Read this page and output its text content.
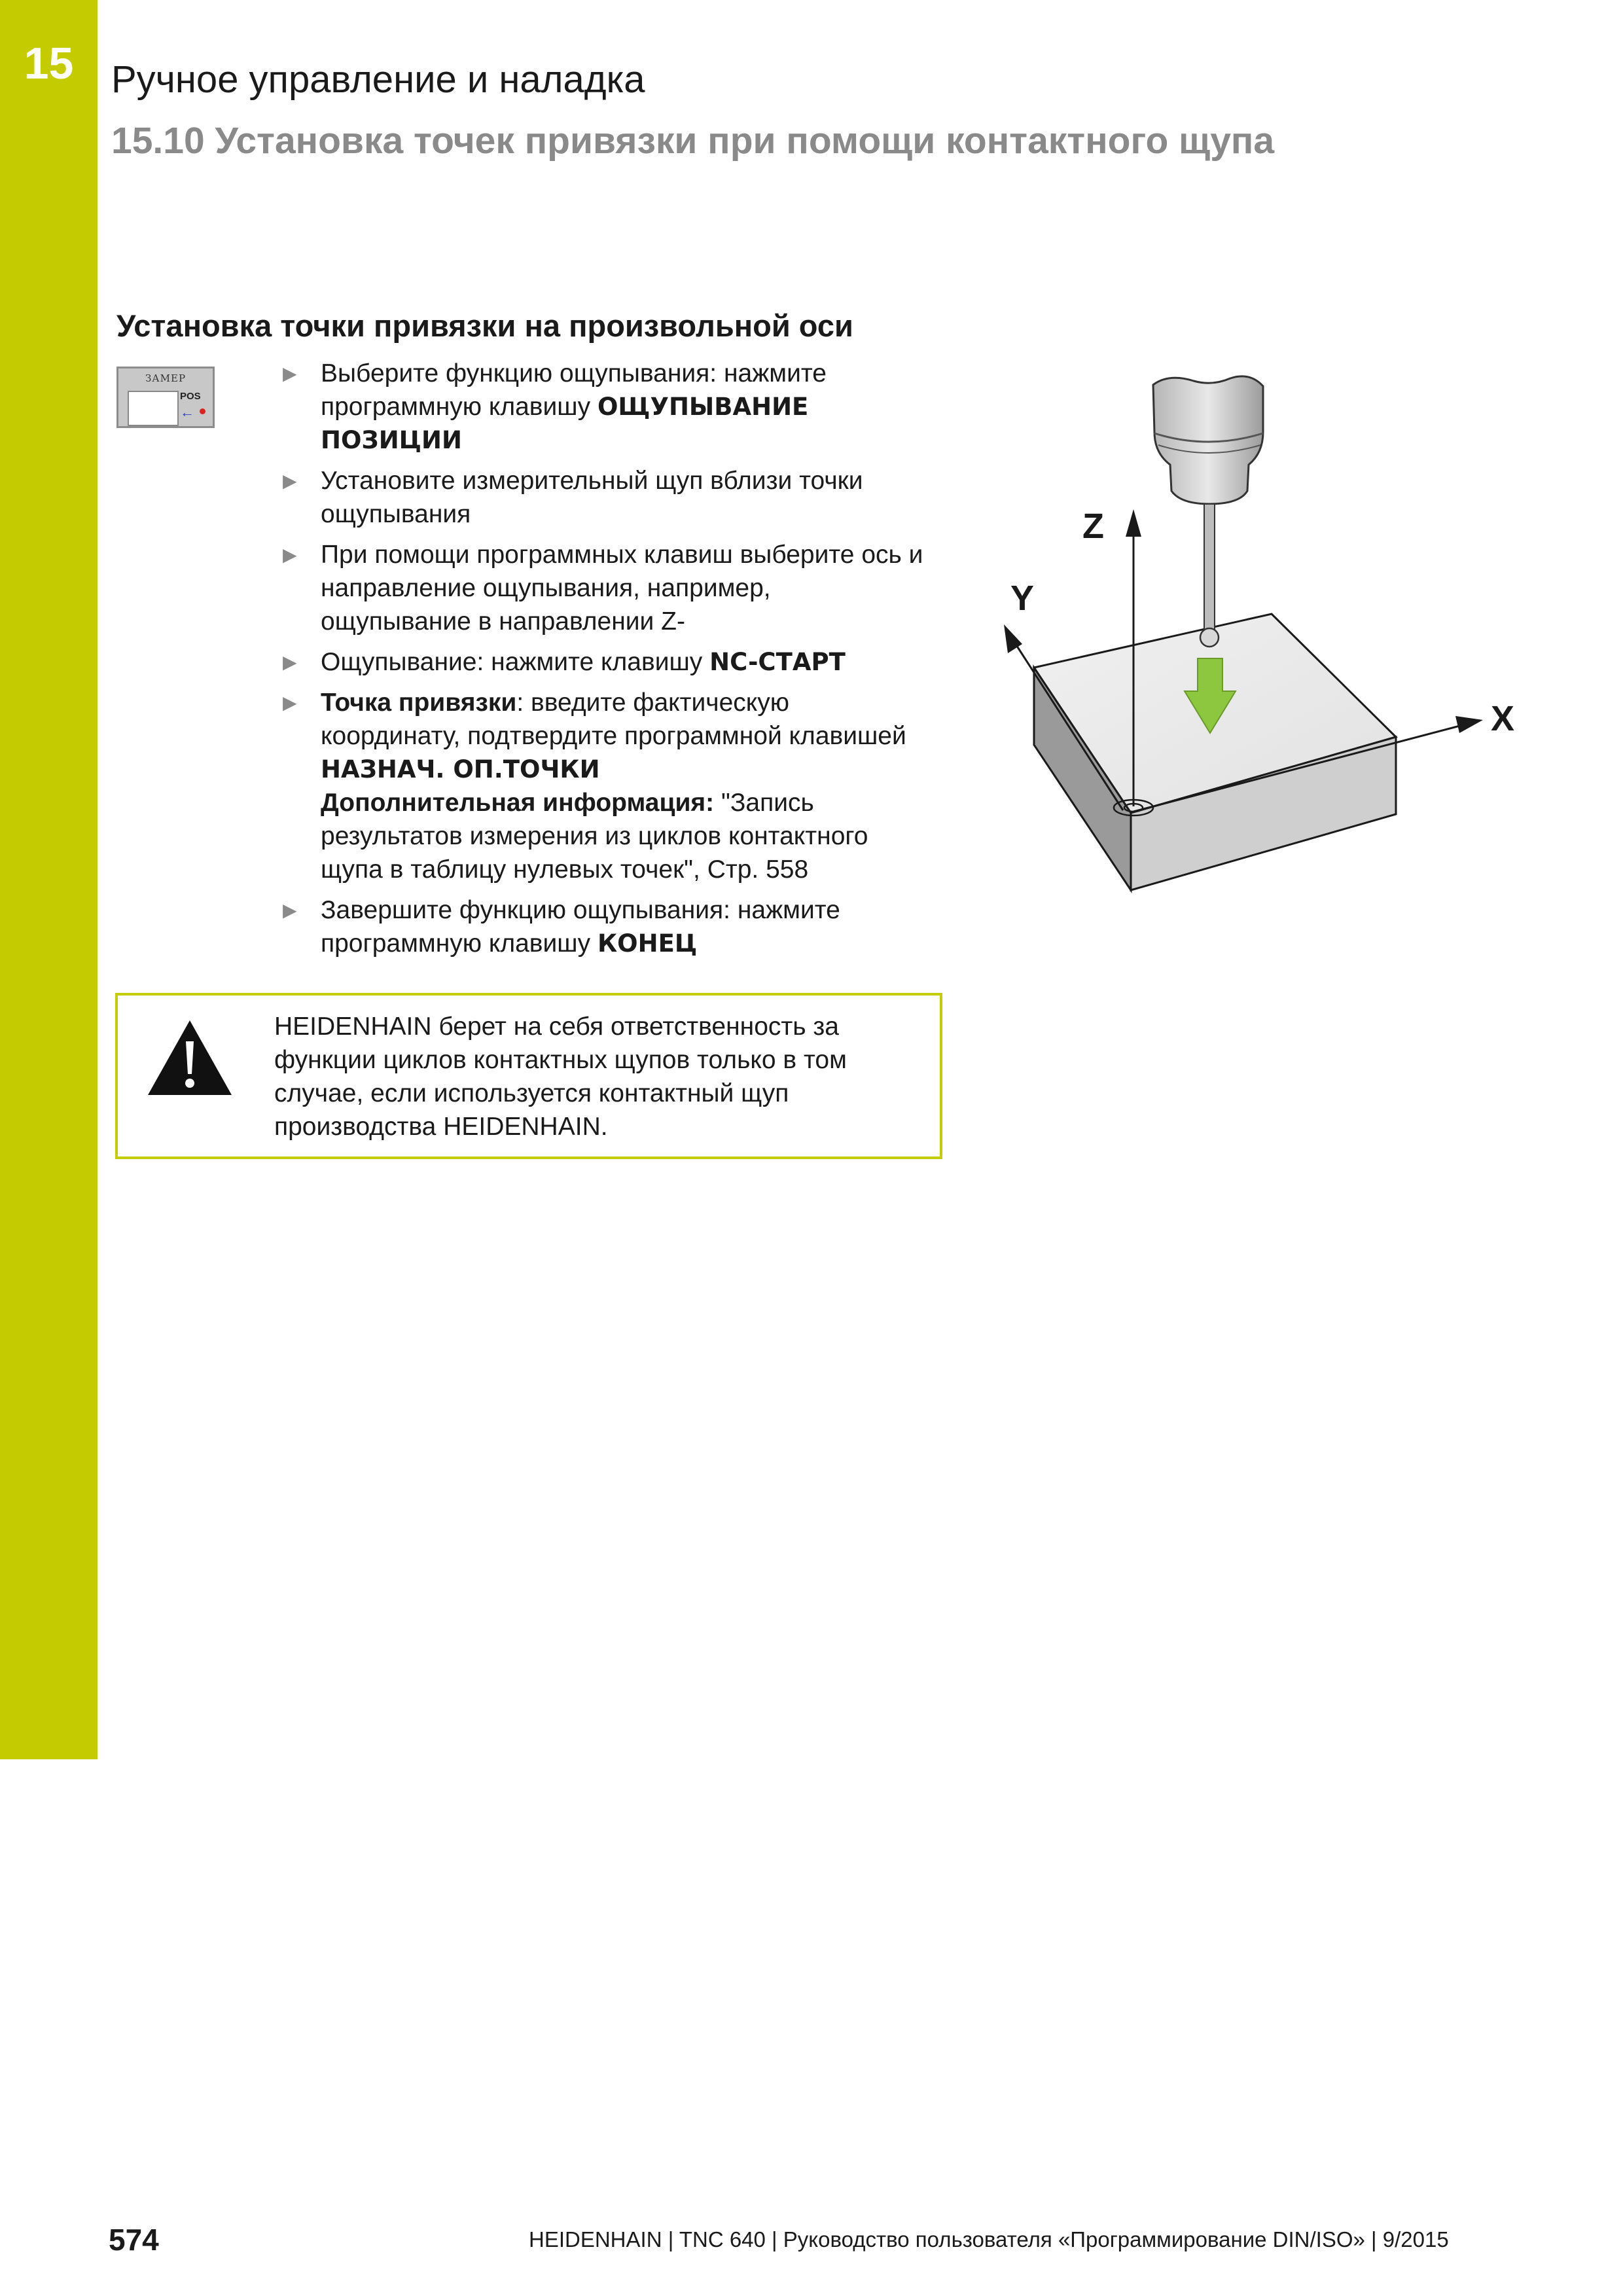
15 Ручное управление и наладка
15.10 Установка точек привязки при помощи контактного щупа
Установка точки привязки на произвольной оси
ЗАМЕР
POS
←
▶ Выберите функцию ощупывания: нажмите программную клавишу ОЩУПЫВАНИЕ ПОЗИЦИИ
▶ Установите измерительный щуп вблизи точки ощупывания
▶ При помощи программных клавиш выберите ось и направление ощупывания, например, ощупывание в направлении Z-
▶ Ощупывание: нажмите клавишу NC-СТАРТ
▶ Точка привязки: введите фактическую координату, подтвердите программной клавишей НАЗНАЧ. ОП.ТОЧКИ
Дополнительная информация: "Запись результатов измерения из циклов контактного щупа в таблицу нулевых точек", Стр. 558
▶ Завершите функцию ощупывания: нажмите программную клавишу КОНЕЦ
HEIDENHAIN берет на себя ответственность за функции циклов контактных щупов только в том случае, если используется контактный щуп производства HEIDENHAIN.
Z
Y
X
574	HEIDENHAIN | TNC 640 | Руководство пользователя «Программирование DIN/ISO» | 9/2015
